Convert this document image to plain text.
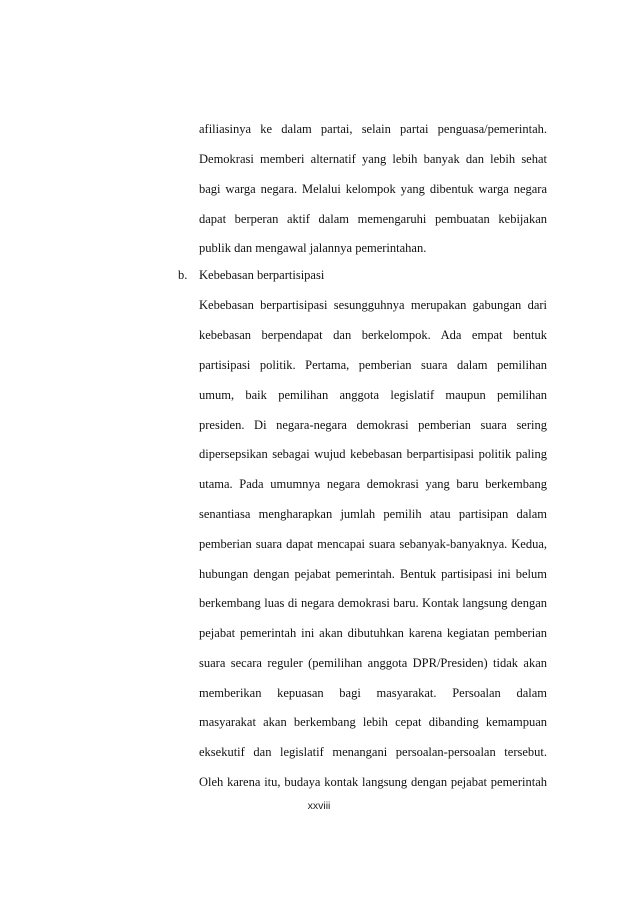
afiliasinya ke dalam partai, selain partai penguasa/pemerintah.
Demokrasi memberi alternatif yang lebih banyak dan lebih sehat
bagi warga negara. Melalui kelompok yang dibentuk warga negara
dapat berperan aktif dalam memengaruhi pembuatan kebijakan
publik dan mengawal jalannya pemerintahan.
b. Kebebasan berpartisipasi
Kebebasan berpartisipasi sesungguhnya merupakan gabungan dari
kebebasan berpendapat dan berkelompok. Ada empat bentuk
partisipasi politik. Pertama, pemberian suara dalam pemilihan
umum, baik pemilihan anggota legislatif maupun pemilihan
presiden. Di negara-negara demokrasi pemberian suara sering
dipersepsikan sebagai wujud kebebasan berpartisipasi politik paling
utama. Pada umumnya negara demokrasi yang baru berkembang
senantiasa mengharapkan jumlah pemilih atau partisipan dalam
pemberian suara dapat mencapai suara sebanyak-banyaknya. Kedua,
hubungan dengan pejabat pemerintah. Bentuk partisipasi ini belum
berkembang luas di negara demokrasi baru. Kontak langsung dengan
pejabat pemerintah ini akan dibutuhkan karena kegiatan pemberian
suara secara reguler (pemilihan anggota DPR/Presiden) tidak akan
memberikan kepuasan bagi masyarakat. Persoalan dalam
masyarakat akan berkembang lebih cepat dibanding kemampuan
eksekutif dan legislatif menangani persoalan-persoalan tersebut.
Oleh karena itu, budaya kontak langsung dengan pejabat pemerintah
xxviii
